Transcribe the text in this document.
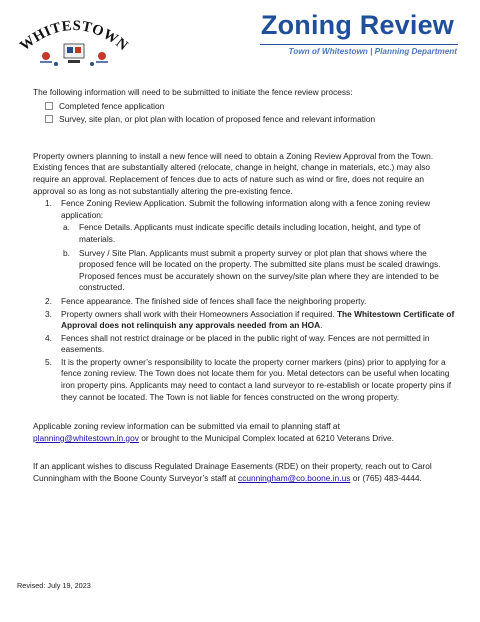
WHITESTOWN
Zoning Review
Town of Whitestown | Planning Department

The following information will need to be submitted to initiate the fence review process:

Completed fence application
Survey, site plan, or plot plan with location of proposed fence and relevant information

Property owners planning to install a new fence will need to obtain a Zoning Review Approval from the Town. Existing fences that are substantially altered (relocate, change in height, change in materials, etc.) may also require an approval. Replacement of fences due to acts of nature such as wind or fire, does not require an approval so as long as not substantially altering the pre-existing fence.

1. Fence Zoning Review Application. Submit the following information along with a fence zoning review application:
a. Fence Details. Applicants must indicate specific details including location, height, and type of materials.
b. Survey / Site Plan. Applicants must submit a property survey or plot plan that shows where the proposed fence will be located on the property. The submitted site plans must be scaled drawings. Proposed fences must be accurately shown on the survey/site plan where they are intended to be constructed.
2. Fence appearance. The finished side of fences shall face the neighboring property.
3. Property owners shall work with their Homeowners Association if required. The Whitestown Certificate of Approval does not relinquish any approvals needed from an HOA.
4. Fences shall not restrict drainage or be placed in the public right of way. Fences are not permitted in easements.
5. It is the property owner’s responsibility to locate the property corner markers (pins) prior to applying for a fence zoning review. The Town does not locate them for you. Metal detectors can be useful when locating iron property pins. Applicants may need to contact a land surveyor to re-establish or locate property pins if they cannot be located. The Town is not liable for fences constructed on the wrong property.

Applicable zoning review information can be submitted via email to planning staff at
planning@whitestown.in.gov or brought to the Municipal Complex located at 6210 Veterans Drive.

If an applicant wishes to discuss Regulated Drainage Easements (RDE) on their property, reach out to Carol Cunningham with the Boone County Surveyor’s staff at ccunningham@co.boone.in.us or (765) 483-4444.

Revised: July 19, 2023
